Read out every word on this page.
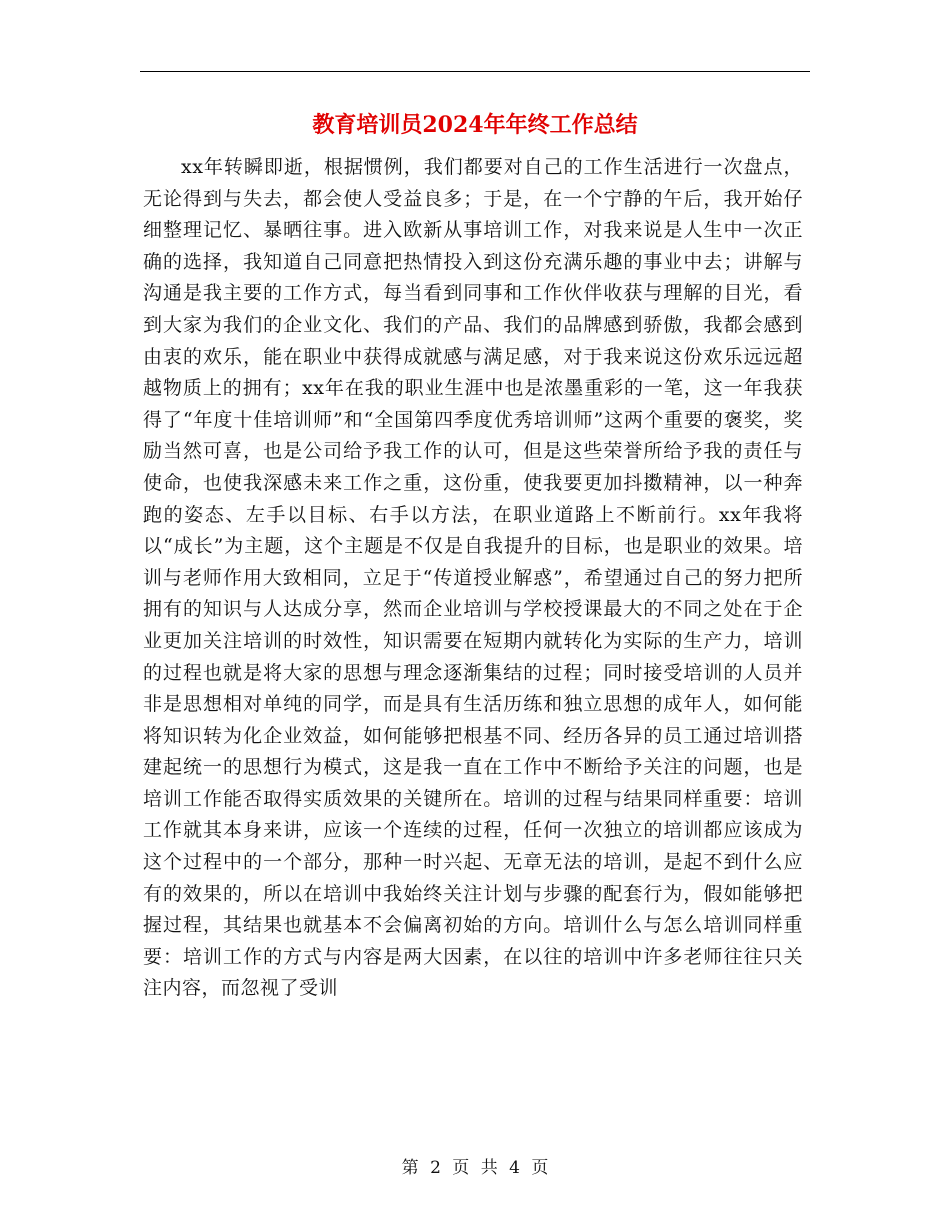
教育培训员2024年年终工作总结

xx年转瞬即逝，根据惯例，我们都要对自己的工作生活进行一次盘点，无论得到与失去，都会使人受益良多；于是，在一个宁静的午后，我开始仔细整理记忆、暴晒往事。进入欧新从事培训工作，对我来说是人生中一次正确的选择，我知道自己同意把热情投入到这份充满乐趣的事业中去；讲解与沟通是我主要的工作方式，每当看到同事和工作伙伴收获与理解的目光，看到大家为我们的企业文化、我们的产品、我们的品牌感到骄傲，我都会感到由衷的欢乐，能在职业中获得成就感与满足感，对于我来说这份欢乐远远超越物质上的拥有；xx年在我的职业生涯中也是浓墨重彩的一笔，这一年我获得了“年度十佳培训师”和“全国第四季度优秀培训师”这两个重要的褒奖，奖励当然可喜，也是公司给予我工作的认可，但是这些荣誉所给予我的责任与使命，也使我深感未来工作之重，这份重，使我要更加抖擞精神，以一种奔跑的姿态、左手以目标、右手以方法，在职业道路上不断前行。xx年我将以“成长”为主题，这个主题是不仅是自我提升的目标，也是职业的效果。培训与老师作用大致相同，立足于“传道授业解惑”，希望通过自己的努力把所拥有的知识与人达成分享，然而企业培训与学校授课最大的不同之处在于企业更加关注培训的时效性，知识需要在短期内就转化为实际的生产力，培训的过程也就是将大家的思想与理念逐渐集结的过程；同时接受培训的人员并非是思想相对单纯的同学，而是具有生活历练和独立思想的成年人，如何能将知识转为化企业效益，如何能够把根基不同、经历各异的员工通过培训搭建起统一的思想行为模式，这是我一直在工作中不断给予关注的问题，也是培训工作能否取得实质效果的关键所在。培训的过程与结果同样重要：培训工作就其本身来讲，应该一个连续的过程，任何一次独立的培训都应该成为这个过程中的一个部分，那种一时兴起、无章无法的培训，是起不到什么应有的效果的，所以在培训中我始终关注计划与步骤的配套行为，假如能够把握过程，其结果也就基本不会偏离初始的方向。培训什么与怎么培训同样重要：培训工作的方式与内容是两大因素，在以往的培训中许多老师往往只关注内容，而忽视了受训

第 2 页 共 4 页
